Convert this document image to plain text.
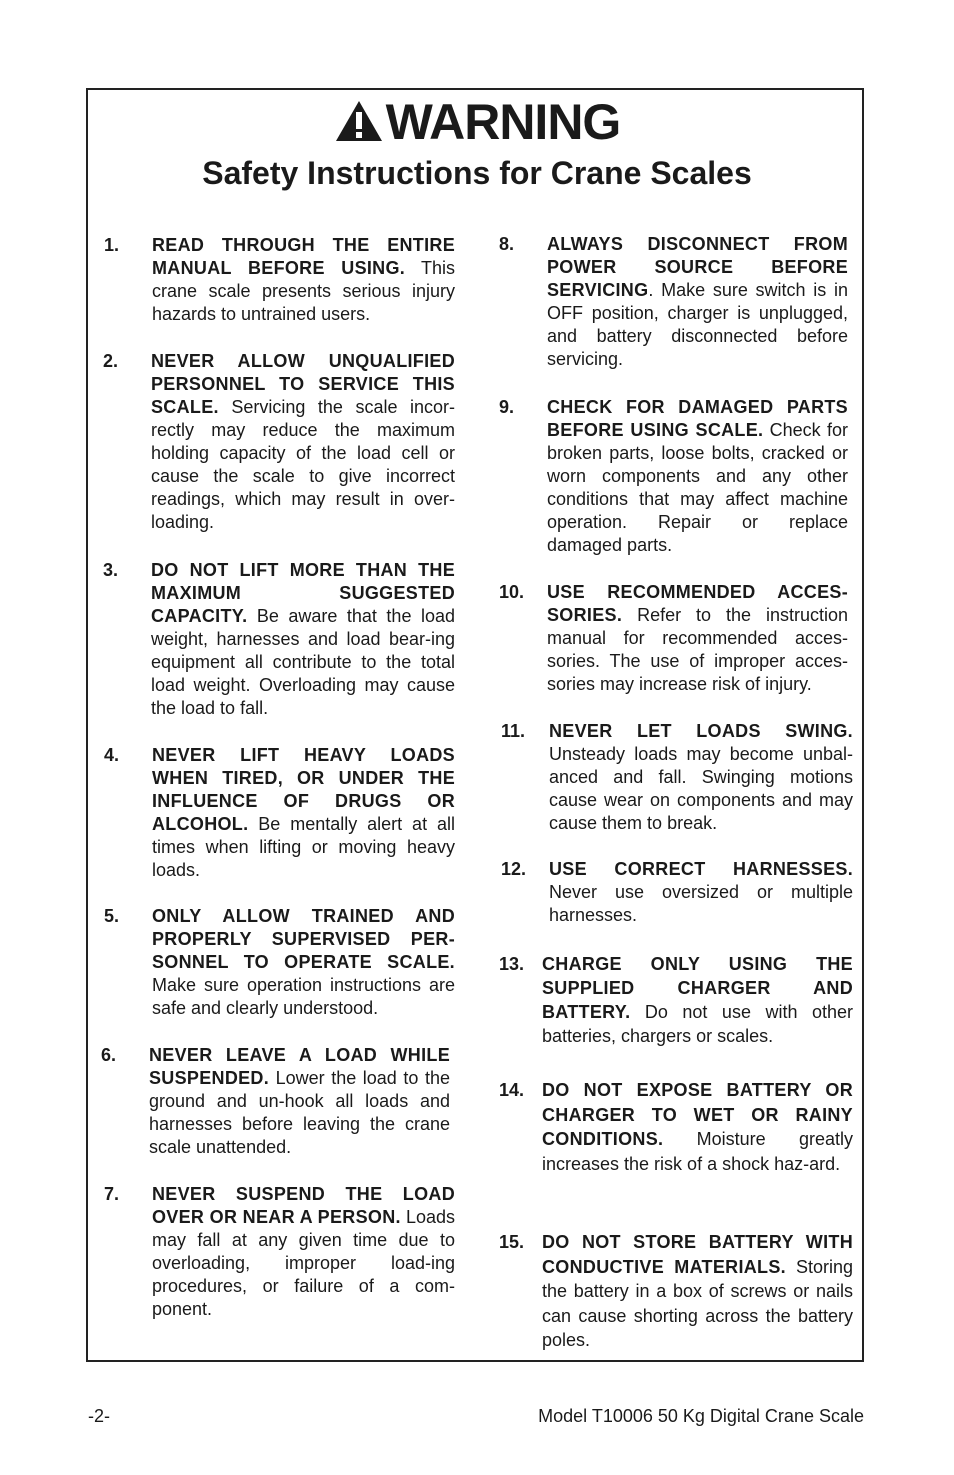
WARNING
Safety Instructions for Crane Scales
1. READ THROUGH THE ENTIRE MANUAL BEFORE USING. This crane scale presents serious injury hazards to untrained users.
2. NEVER ALLOW UNQUALIFIED PERSONNEL TO SERVICE THIS SCALE. Servicing the scale incor-rectly may reduce the maximum holding capacity of the load cell or cause the scale to give incorrect readings, which may result in over-loading.
3. DO NOT LIFT MORE THAN THE MAXIMUM SUGGESTED CAPACITY. Be aware that the load weight, harnesses and load bear-ing equipment all contribute to the total load weight. Overloading may cause the load to fall.
4. NEVER LIFT HEAVY LOADS WHEN TIRED, OR UNDER THE INFLUENCE OF DRUGS OR ALCOHOL. Be mentally alert at all times when lifting or moving heavy loads.
5. ONLY ALLOW TRAINED AND PROPERLY SUPERVISED PER-SONNEL TO OPERATE SCALE. Make sure operation instructions are safe and clearly understood.
6. NEVER LEAVE A LOAD WHILE SUSPENDED. Lower the load to the ground and un-hook all loads and harnesses before leaving the crane scale unattended.
7. NEVER SUSPEND THE LOAD OVER OR NEAR A PERSON. Loads may fall at any given time due to overloading, improper load-ing procedures, or failure of a com-ponent.
8. ALWAYS DISCONNECT FROM POWER SOURCE BEFORE SERVICING. Make sure switch is in OFF position, charger is unplugged, and battery disconnected before servicing.
9. CHECK FOR DAMAGED PARTS BEFORE USING SCALE. Check for broken parts, loose bolts, cracked or worn components and any other conditions that may affect machine operation. Repair or replace damaged parts.
10. USE RECOMMENDED ACCES-SORIES. Refer to the instruction manual for recommended acces-sories. The use of improper acces-sories may increase risk of injury.
11. NEVER LET LOADS SWING. Unsteady loads may become unbal-anced and fall. Swinging motions cause wear on components and may cause them to break.
12. USE CORRECT HARNESSES. Never use oversized or multiple harnesses.
13. CHARGE ONLY USING THE SUPPLIED CHARGER AND BATTERY. Do not use with other batteries, chargers or scales.
14. DO NOT EXPOSE BATTERY OR CHARGER TO WET OR RAINY CONDITIONS. Moisture greatly increases the risk of a shock haz-ard.
15. DO NOT STORE BATTERY WITH CONDUCTIVE MATERIALS. Storing the battery in a box of screws or nails can cause shorting across the battery poles.
-2-	Model T10006 50 Kg Digital Crane Scale
